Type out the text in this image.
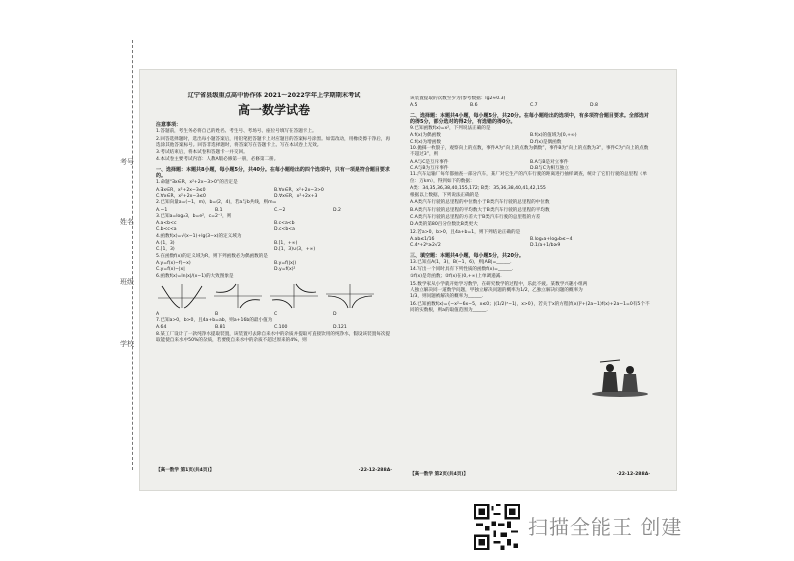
考号
姓名
班级
学校
辽宁省县级重点高中协作体 2021～2022学年上学期期末考试
高一数学试卷
注意事项：
1.答题前，考生务必将自己的姓名、考生号、考场号、座位号填写在答题卡上。
2.回答选择题时，选出每小题答案后，用铅笔把答题卡上对应题目的答案标号涂黑。如需改动，用橡皮擦干净后，再选涂其他答案标号。回答非选择题时，将答案写在答题卡上。写在本试卷上无效。
3.考试结束后，将本试卷和答题卡一并交回。
4.本试卷主要考试内容：人教A版必修第一册，必修第二册。
一、选择题：本题共8小题，每小题5分，共40分。在每小题给出的四个选项中，只有一项是符合题目要求的。
1.命题“∃x∈R，x²+2x−3>0”的否定是
A.∃x∈R，x²+2x−3≤0	B.∀x∈R，x²+2x−3>0
C.∀x∈R，x²+2x−3≤0	D.∀x∈R，x²+2x+3
2.已知向量a=(−1，m)，b=(2，4)，若a与b共线，则m=
A.−1	B.1	C.−2	D.2
3.已知a=log₂3，b=e²，c=2⁻¹，则
A.a<b<c	B.c<a<b
C.b<c<a	D.c<b<a
4.函数f(x)=√(x−1)+lg(3−x)的定义域为
A.(1，3)	B.[1，+∞)
C.[1，3)	D.[1，3)∪(3，+∞)
5.在函数f(x)的定义域为R，则下列函数必为偶函数的是
A.y=f(x)−f(−x)	B.y=f(|x|)
C.y=f(x)−|x|	D.y=f(x)²
6.函数f(x)=ln|x|/(x−1)的大致图象是
A	B	C	D
7.已知a>0，b>0，且4a+b=ab，则a+16b的最小值为
A.64	B.81	C.100	D.121
8.某工厂设计了一款纯净水提取装置，该装置可去除自来水中的杂质并提取可直接饮用的纯净水，假设该装置每次提取能使自来水中50%的杂质，若要使自来水中的杂质不超过原来的4%，则
【高一数学 第1页(共4页)】	·22-12-288A·
该装置提取的次数至少为(参考数据：lg2≈0.3)
A.5	B.6	C.7	D.8
二、选择题：本题共4小题，每小题5分，共20分。在每小题给出的选项中，有多项符合题目要求。全部选对的得5分，部分选对的得2分，有选错的得0分。
9.已知函数f(x)=x²，下列说法正确的是
A.f(x)为偶函数	B.f(x)的值域为[0,+∞)
C.f(x)为增函数	D.f(x)是偶函数
10.抛掷一枚骰子，观察向上的点数，事件A为“向上的点数为偶数”，事件B为“向上的点数为3”，事件C为“向上的点数不超过3”，则
A.A与C是互斥事件	B.A与B是对立事件
C.A与B为互斥事件	D.B与C为相互独立
11.汽车运输厂每年都抽查一部分汽车，某厂对它生产的汽车行驶的距离进行抽样调查，统计了它们行驶的总里程（单位：万km），得到如下的数据：
A类：34,35,36,38,40,155,172; B类：35,36,38,40,41,42,155
根据以上数据，下列说法正确的是
A.A类汽车行驶的总里程的中位数小于B类汽车行驶的总里程的中位数
B.A类汽车行驶的总里程的平均数大于B类汽车行驶的总里程的平均数
C.A类汽车行驶的总里程的方差大于B类汽车行驶的总里程的方差
D.A类的第80百分位数比B类更大
12.若a>0，b>0，且4a+b=1，则下列结论正确的是
A.ab≤1/16	B.log₂a+log₂b≤−4
C.4ᵃ+2ᵇ≥2√2	D.1/a+1/b≥9
三、填空题：本题共4小题，每小题5分，共20分。
13.已知点A(1，3)，B(−1，6)，则|AB|=______.
14.写出一个同时具有下列性质的函数f(x)=______.
①f(x)是奇函数；②f(x)在(0,+∞)上单调递减.
15.数学家从小学就开始学习数学，在研究数学的过程中，乐此不疲。某数学兴趣小组两人独立解决同一道数学问题，甲独立解决问题的概率为1/2，乙独立解决问题的概率为1/3，则问题被解决的概率为______.
16.已知函数f(x)={−x²−6x−5，x≤0；|(1/2)ˣ−1|，x>0}，若关于x的方程[f(x)]²+(2a−1)f(x)+2a−1=0有5个不同的实数根，则a的取值范围为______.
【高一数学 第2页(共4页)】	·22-12-288A·
扫描全能王 创建
